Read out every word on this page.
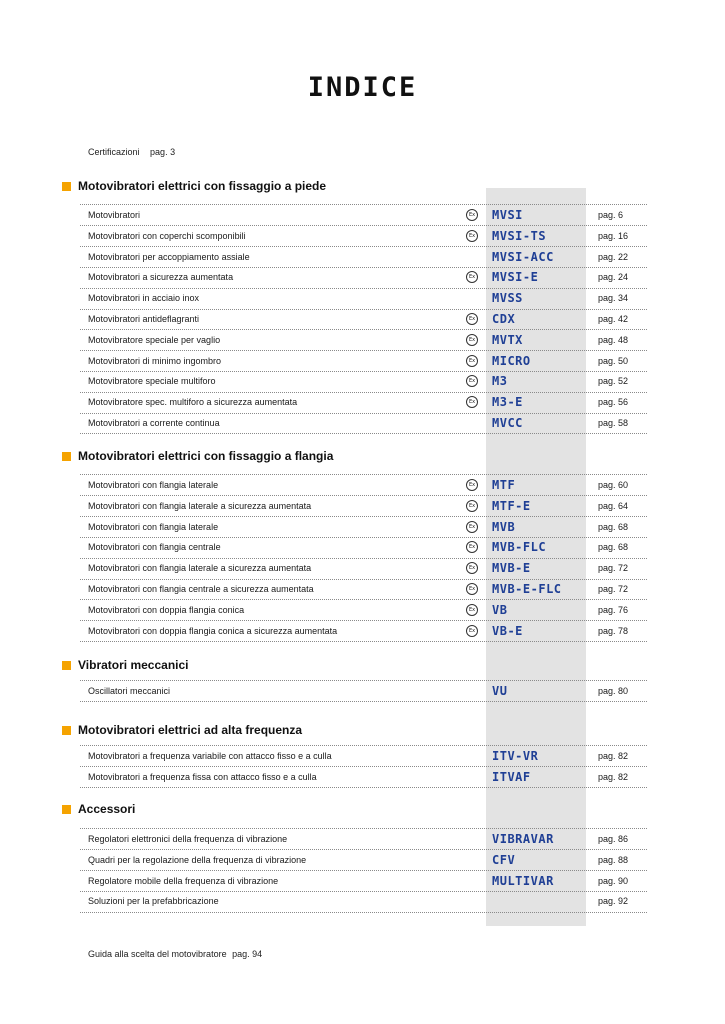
INDICE
Certificazioni pag. 3
Motovibratori elettrici con fissaggio a piede
Motovibratori	Ex MVSI	pag. 6
Motovibratori con coperchi scomponibili	Ex MVSI-TS	pag. 16
Motovibratori per accoppiamento assiale	MVSI-ACC	pag. 22
Motovibratori a sicurezza aumentata	Ex MVSI-E	pag. 24
Motovibratori in acciaio inox	MVSS	pag. 34
Motovibratori antideflagranti	Ex CDX	pag. 42
Motovibratore speciale per vaglio	Ex MVTX	pag. 48
Motovibratori di minimo ingombro	Ex MICRO	pag. 50
Motovibratore speciale multiforo	Ex M3	pag. 52
Motovibratore spec. multiforo a sicurezza aumentata	Ex M3-E	pag. 56
Motovibratori a corrente continua	MVCC	pag. 58
Motovibratori elettrici con fissaggio a flangia
Motovibratori con flangia laterale	Ex MTF	pag. 60
Motovibratori con flangia laterale a sicurezza aumentata	Ex MTF-E	pag. 64
Motovibratori con flangia laterale	Ex MVB	pag. 68
Motovibratori con flangia centrale	Ex MVB-FLC	pag. 68
Motovibratori con flangia laterale a sicurezza aumentata	Ex MVB-E	pag. 72
Motovibratori con flangia centrale a sicurezza aumentata	Ex MVB-E-FLC	pag. 72
Motovibratori con doppia flangia conica	Ex VB	pag. 76
Motovibratori con doppia flangia conica a sicurezza aumentata	Ex VB-E	pag. 78
Vibratori meccanici
Oscillatori meccanici	VU	pag. 80
Motovibratori elettrici ad alta frequenza
Motovibratori a frequenza variabile con attacco fisso e a culla	ITV-VR	pag. 82
Motovibratori a frequenza fissa con attacco fisso e a culla	ITVAF	pag. 82
Accessori
Regolatori elettronici della frequenza di vibrazione	VIBRAVAR	pag. 86
Quadri per la regolazione della frequenza di vibrazione	CFV	pag. 88
Regolatore mobile della frequenza di vibrazione	MULTIVAR	pag. 90
Soluzioni per la prefabbricazione	pag. 92
Guida alla scelta del motovibratore pag. 94
